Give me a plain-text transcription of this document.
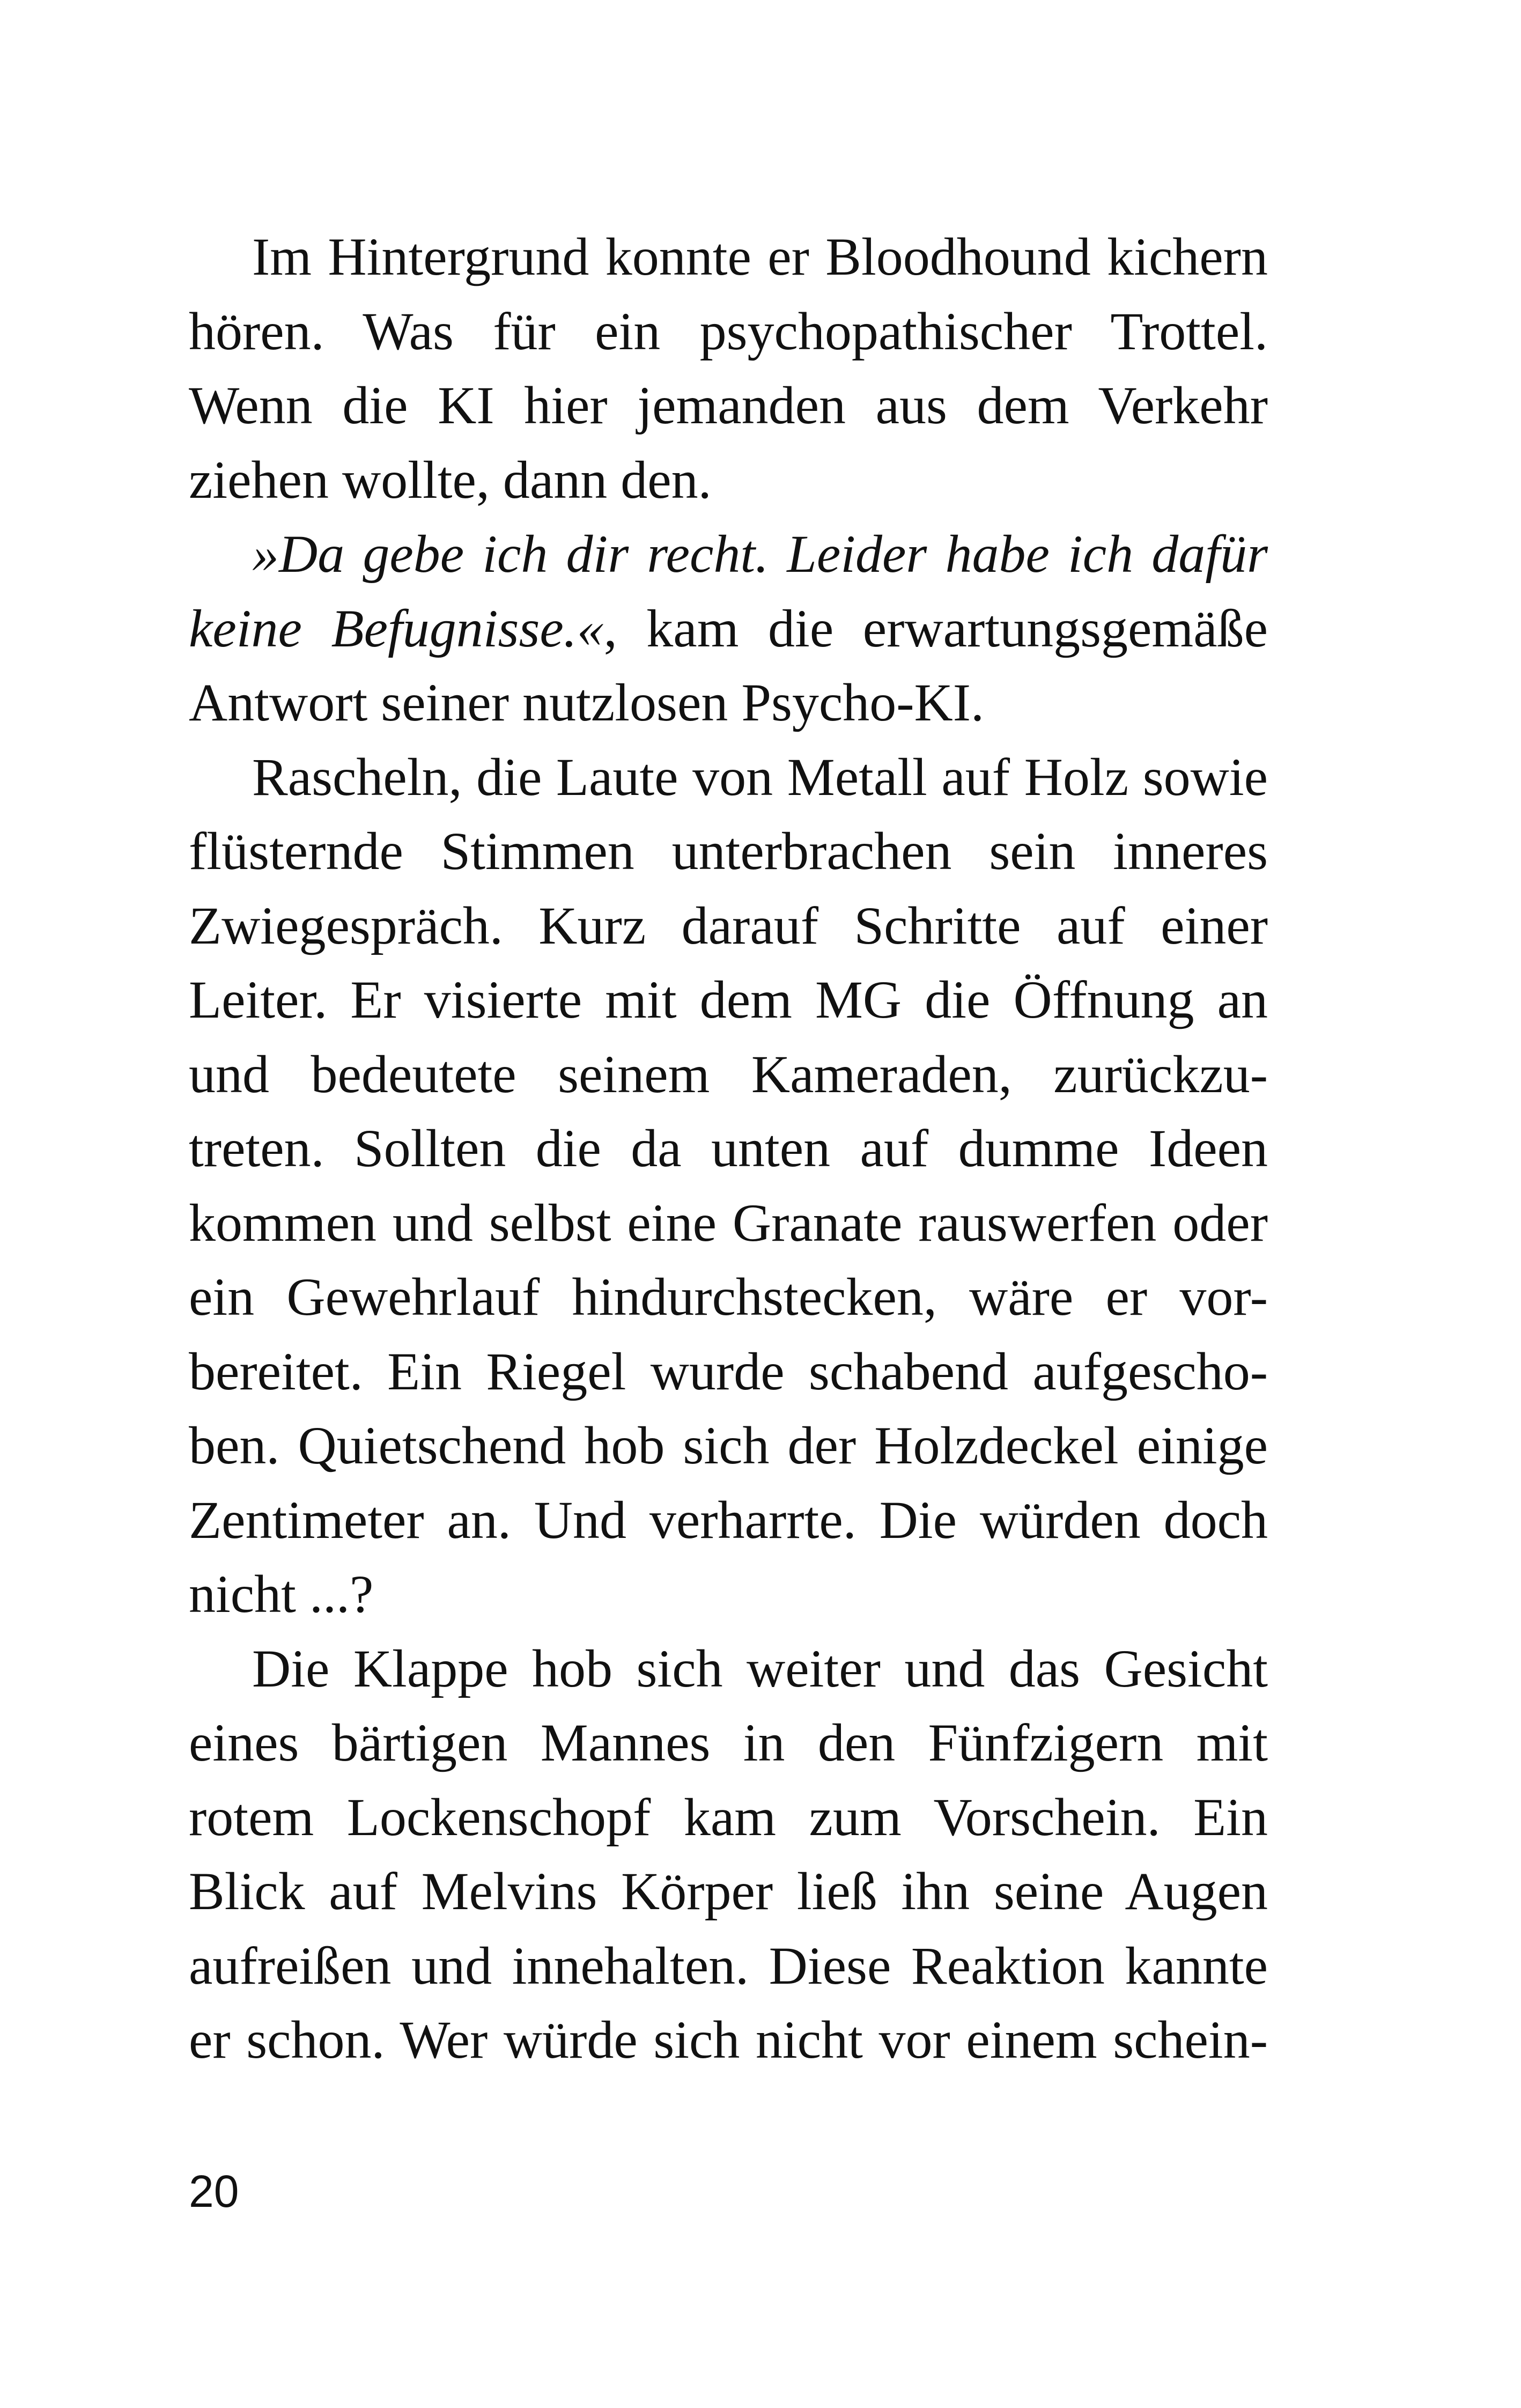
Im Hintergrund konnte er Bloodhound kichern
hören. Was für ein psychopathischer Trottel.
Wenn die KI hier jemanden aus dem Verkehr
ziehen wollte, dann den.
»Da gebe ich dir recht. Leider habe ich dafür
keine Befugnisse.«, kam die erwartungsgemäße
Antwort seiner nutzlosen Psycho-KI.
Rascheln, die Laute von Metall auf Holz sowie
flüsternde Stimmen unterbrachen sein inneres
Zwiegespräch. Kurz darauf Schritte auf einer
Leiter. Er visierte mit dem MG die Öffnung an
und bedeutete seinem Kameraden, zurückzu-
treten. Sollten die da unten auf dumme Ideen
kommen und selbst eine Granate rauswerfen oder
ein Gewehrlauf hindurchstecken, wäre er vor-
bereitet. Ein Riegel wurde schabend aufgescho-
ben. Quietschend hob sich der Holzdeckel einige
Zentimeter an. Und verharrte. Die würden doch
nicht ...?
Die Klappe hob sich weiter und das Gesicht
eines bärtigen Mannes in den Fünfzigern mit
rotem Lockenschopf kam zum Vorschein. Ein
Blick auf Melvins Körper ließ ihn seine Augen
aufreißen und innehalten. Diese Reaktion kannte
er schon. Wer würde sich nicht vor einem schein-
20
